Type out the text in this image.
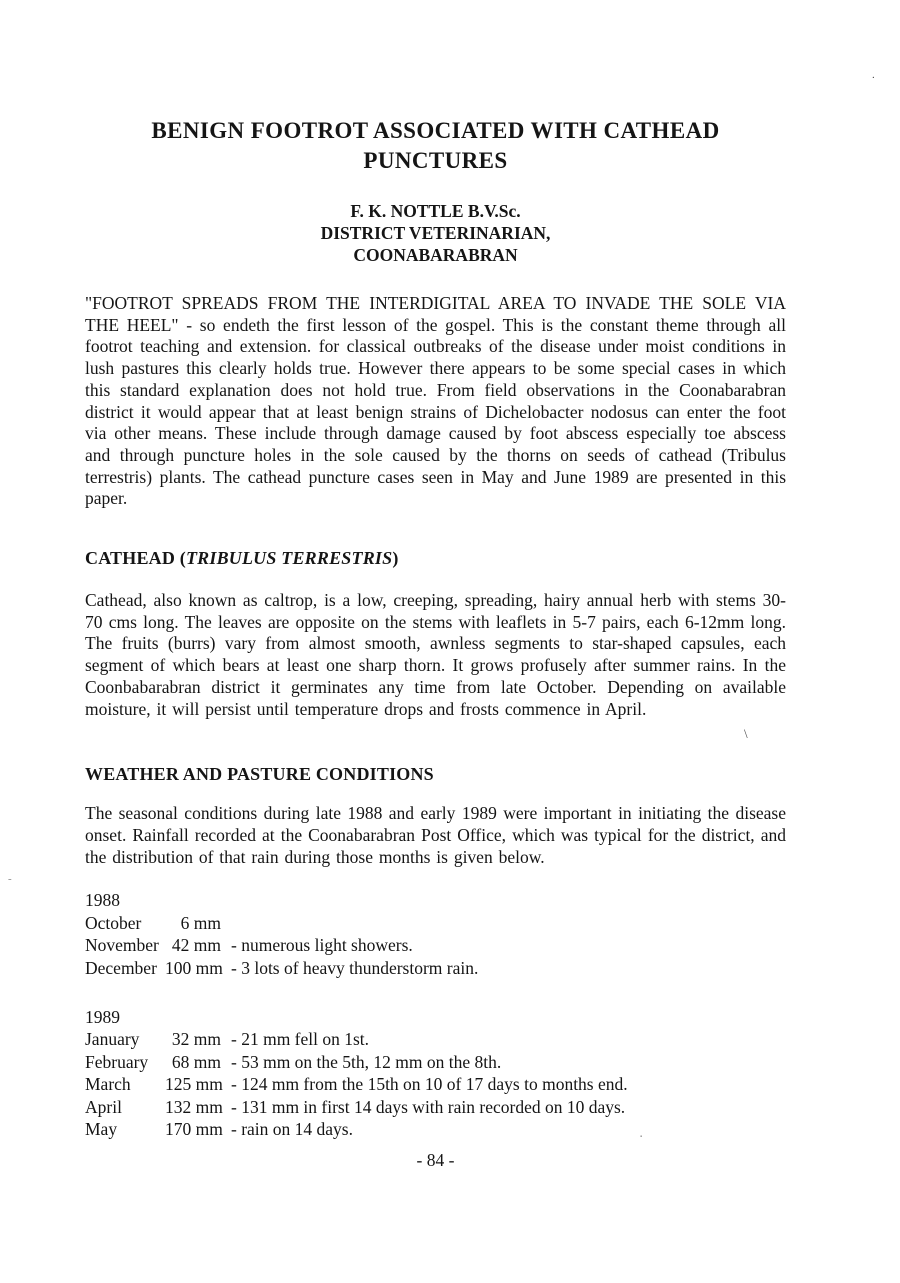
.
\
-
▪
BENIGN FOOTROT ASSOCIATED WITH CATHEAD PUNCTURES
F. K. NOTTLE B.V.Sc.
DISTRICT VETERINARIAN,
COONABARABRAN
"FOOTROT SPREADS FROM THE INTERDIGITAL AREA TO INVADE THE SOLE VIA THE HEEL" - so endeth the first lesson of the gospel. This is the constant theme through all footrot teaching and extension. for classical outbreaks of the disease under moist conditions in lush pastures this clearly holds true. However there appears to be some special cases in which this standard explanation does not hold true. From field observations in the Coonabarabran district it would appear that at least benign strains of Dichelobacter nodosus can enter the foot via other means. These include through damage caused by foot abscess especially toe abscess and through puncture holes in the sole caused by the thorns on seeds of cathead (Tribulus terrestris) plants. The cathead puncture cases seen in May and June 1989 are presented in this paper.
CATHEAD (TRIBULUS TERRESTRIS)
Cathead, also known as caltrop, is a low, creeping, spreading, hairy annual herb with stems 30-70 cms long. The leaves are opposite on the stems with leaflets in 5-7 pairs, each 6-12mm long. The fruits (burrs) vary from almost smooth, awnless segments to star-shaped capsules, each segment of which bears at least one sharp thorn. It grows profusely after summer rains. In the Coonbabarabran district it germinates any time from late October. Depending on available moisture, it will persist until temperature drops and frosts commence in April.
WEATHER AND PASTURE CONDITIONS
The seasonal conditions during late 1988 and early 1989 were important in initiating the disease onset. Rainfall recorded at the Coonabarabran Post Office, which was typical for the district, and the distribution of that rain during those months is given below.
1988
October 6 mm
November 42 mm - numerous light showers.
December 100 mm - 3 lots of heavy thunderstorm rain.
1989
January 32 mm - 21 mm fell on 1st.
February 68 mm - 53 mm on the 5th, 12 mm on the 8th.
March 125 mm - 124 mm from the 15th on 10 of 17 days to months end.
April 132 mm - 131 mm in first 14 days with rain recorded on 10 days.
May	170 mm - rain on 14 days.
- 84 -
